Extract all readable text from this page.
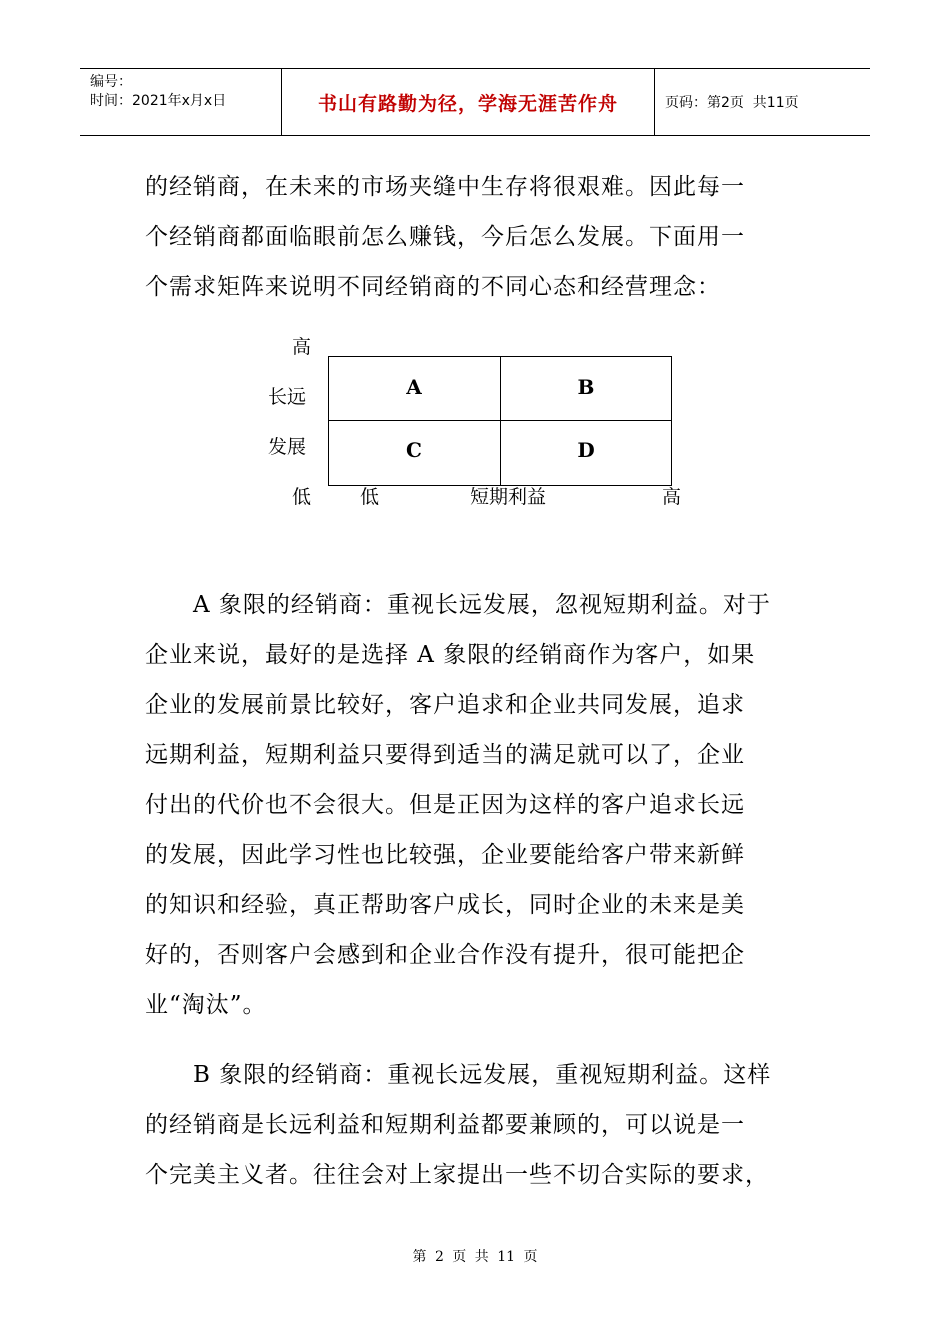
编号：
时间：2021年x月x日	书山有路勤为径，学海无涯苦作舟	页码：第2页  共11页

的经销商，在未来的市场夹缝中生存将很艰难。因此每一

个经销商都面临眼前怎么赚钱，今后怎么发展。下面用一

个需求矩阵来说明不同经销商的不同心态和经营理念：

高
长远
发展
低	低	短期利益	高
A	B
C	D

A 象限的经销商：重视长远发展，忽视短期利益。对于

企业来说，最好的是选择 A 象限的经销商作为客户，如果

企业的发展前景比较好，客户追求和企业共同发展，追求

远期利益，短期利益只要得到适当的满足就可以了，企业

付出的代价也不会很大。但是正因为这样的客户追求长远

的发展，因此学习性也比较强，企业要能给客户带来新鲜

的知识和经验，真正帮助客户成长，同时企业的未来是美

好的，否则客户会感到和企业合作没有提升，很可能把企

业“淘汰”。

B 象限的经销商：重视长远发展，重视短期利益。这样

的经销商是长远利益和短期利益都要兼顾的，可以说是一

个完美主义者。往往会对上家提出一些不切合实际的要求，

第 2 页 共 11 页
